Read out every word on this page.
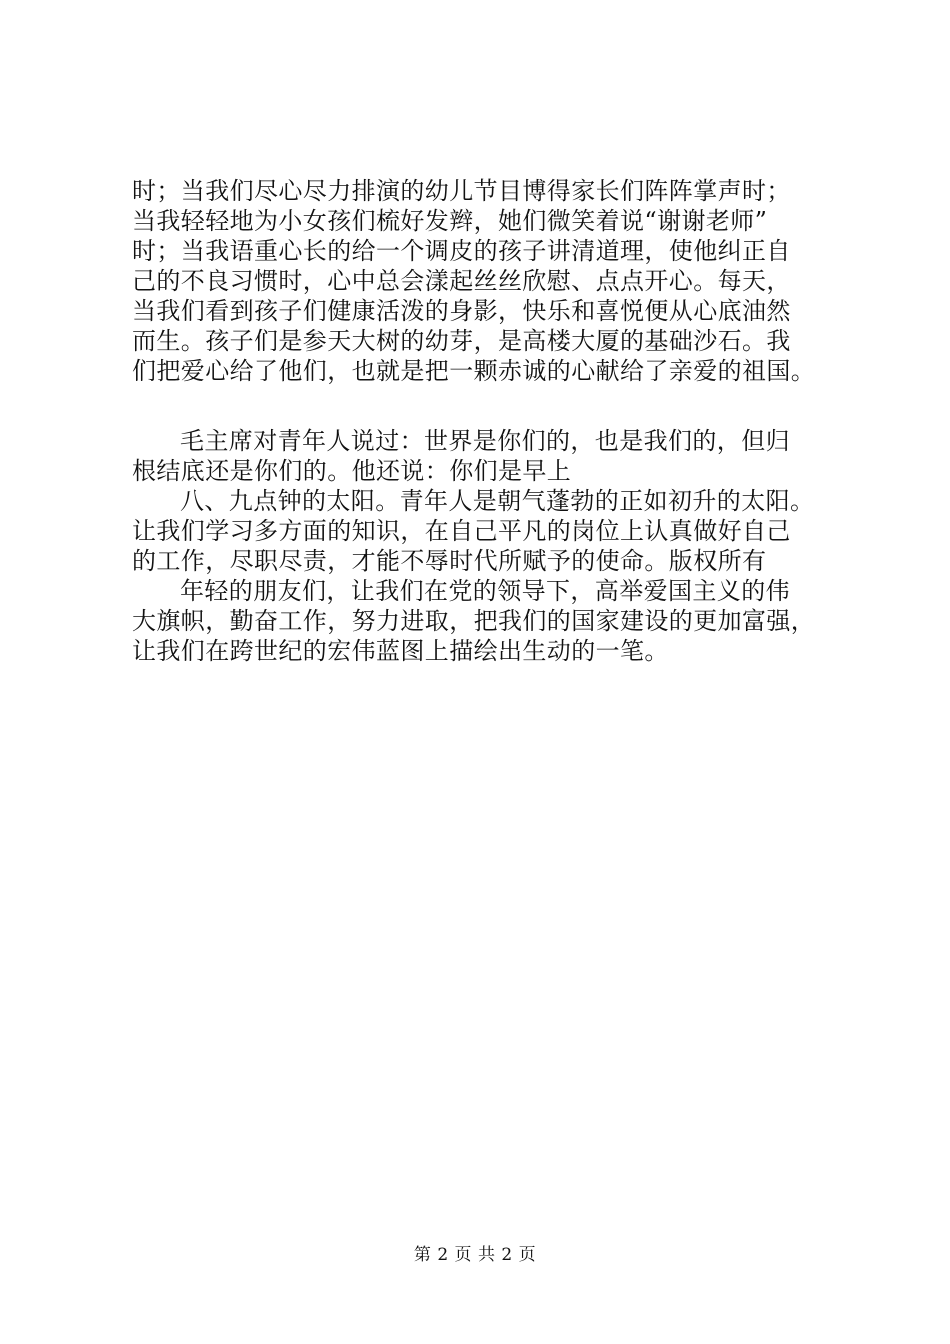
时；当我们尽心尽力排演的幼儿节目博得家长们阵阵掌声时；
当我轻轻地为小女孩们梳好发辫，她们微笑着说“谢谢老师”
时；当我语重心长的给一个调皮的孩子讲清道理，使他纠正自
己的不良习惯时，心中总会漾起丝丝欣慰、点点开心。每天，
当我们看到孩子们健康活泼的身影，快乐和喜悦便从心底油然
而生。孩子们是参天大树的幼芽，是高楼大厦的基础沙石。我
们把爱心给了他们，也就是把一颗赤诚的心献给了亲爱的祖国。
毛主席对青年人说过：世界是你们的，也是我们的，但归
根结底还是你们的。他还说：你们是早上
八、九点钟的太阳。青年人是朝气蓬勃的正如初升的太阳。
让我们学习多方面的知识，在自己平凡的岗位上认真做好自己
的工作，尽职尽责，才能不辱时代所赋予的使命。版权所有
年轻的朋友们，让我们在党的领导下，高举爱国主义的伟
大旗帜，勤奋工作，努力进取，把我们的国家建设的更加富强，
让我们在跨世纪的宏伟蓝图上描绘出生动的一笔。
第 2 页 共 2 页
